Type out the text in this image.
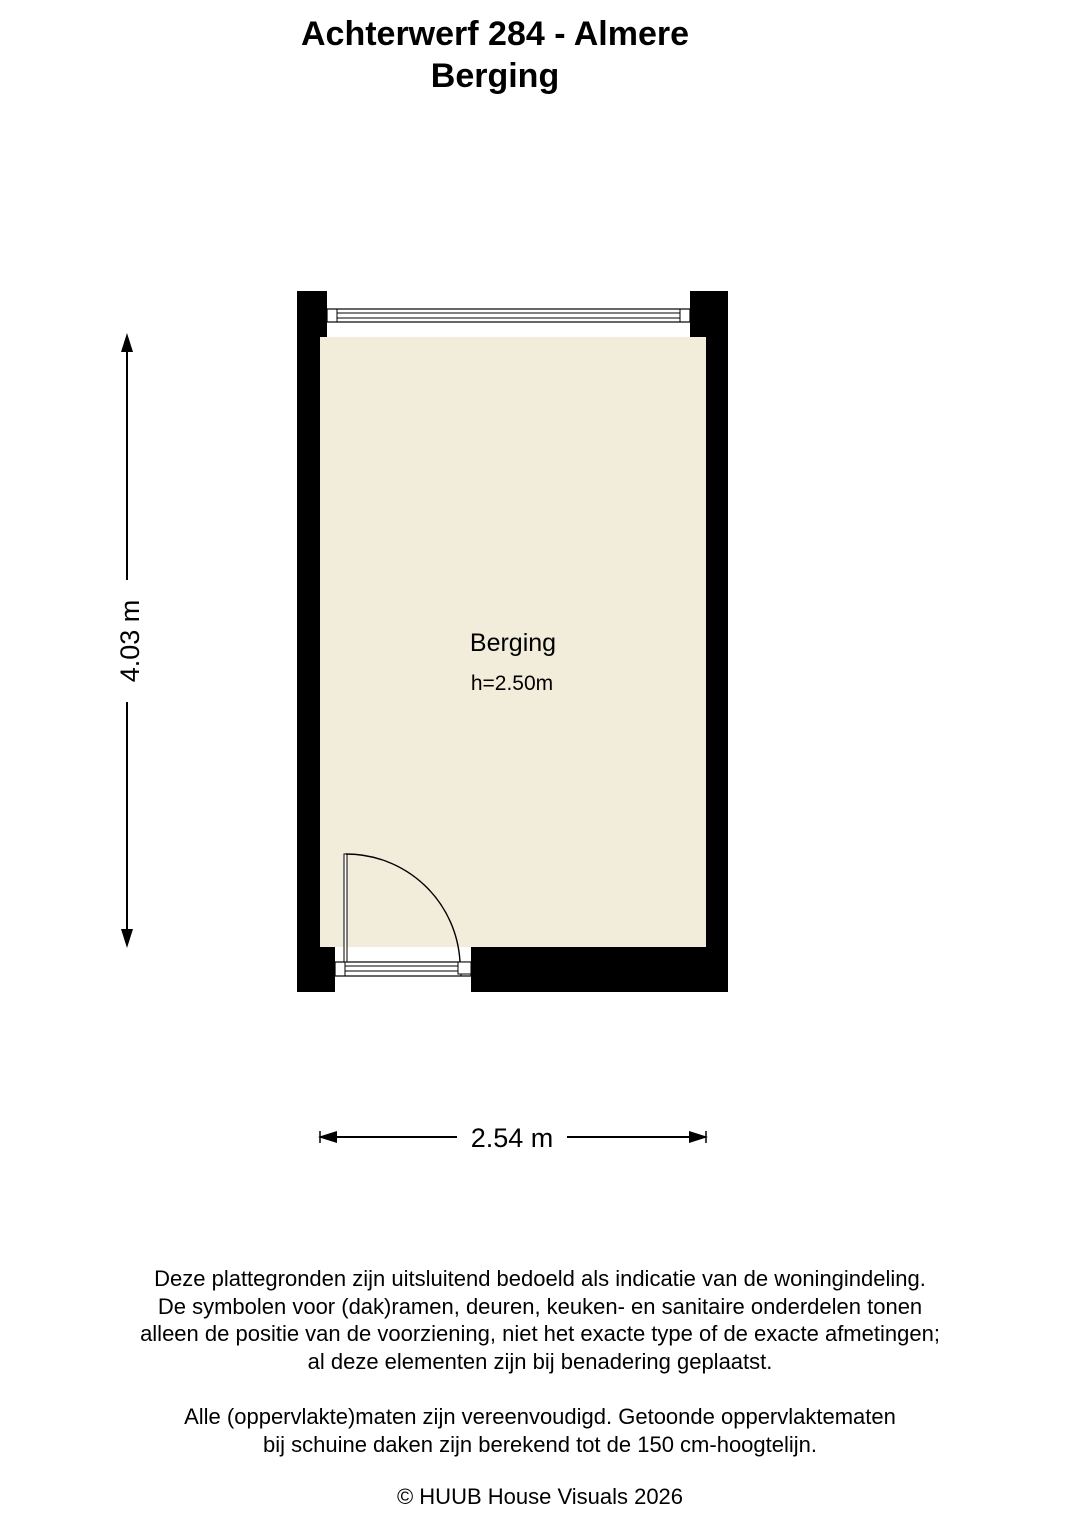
Achterwerf 284 - Almere
Berging
Berging
h=2.50m
4.03 m
2.54 m
Deze plattegronden zijn uitsluitend bedoeld als indicatie van de woningindeling.
De symbolen voor (dak)ramen, deuren, keuken- en sanitaire onderdelen tonen
alleen de positie van de voorziening, niet het exacte type of de exacte afmetingen;
al deze elementen zijn bij benadering geplaatst.
Alle (oppervlakte)maten zijn vereenvoudigd. Getoonde oppervlaktematen
bij schuine daken zijn berekend tot de 150 cm-hoogtelijn.
© HUUB House Visuals 2026
